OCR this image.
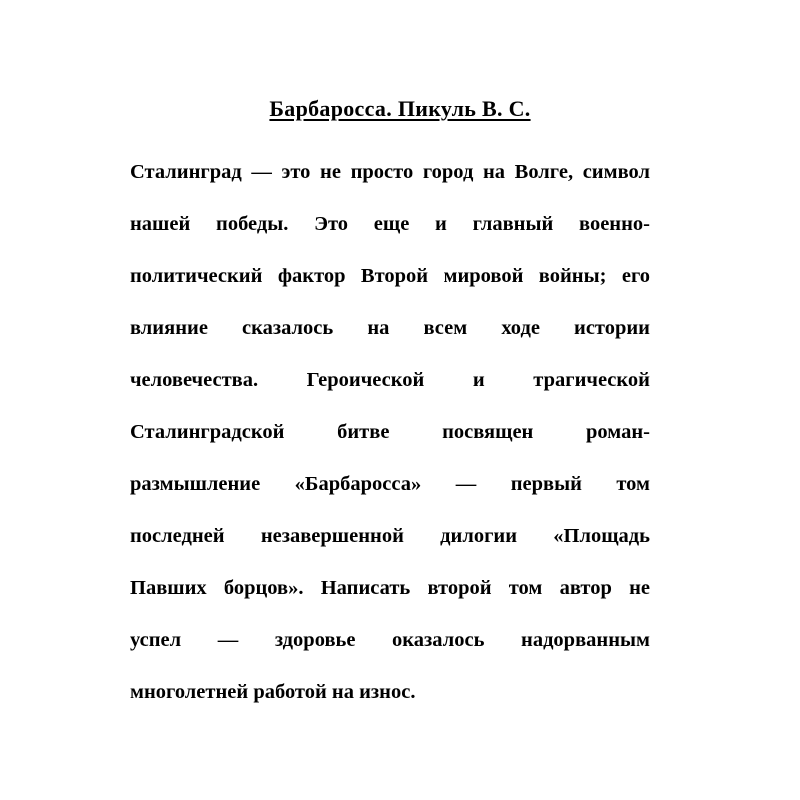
Барбаросса. Пикуль В. С.
Сталинград — это не просто город на Волге, символ
нашей победы. Это еще и главный военно-
политический фактор Второй мировой войны; его
влияние сказалось на всем ходе истории
человечества. Героической и трагической
Сталинградской битве посвящен роман-
размышление «Барбаросса» — первый том
последней незавершенной дилогии «Площадь
Павших борцов». Написать второй том автор не
успел — здоровье оказалось надорванным
многолетней работой на износ.
